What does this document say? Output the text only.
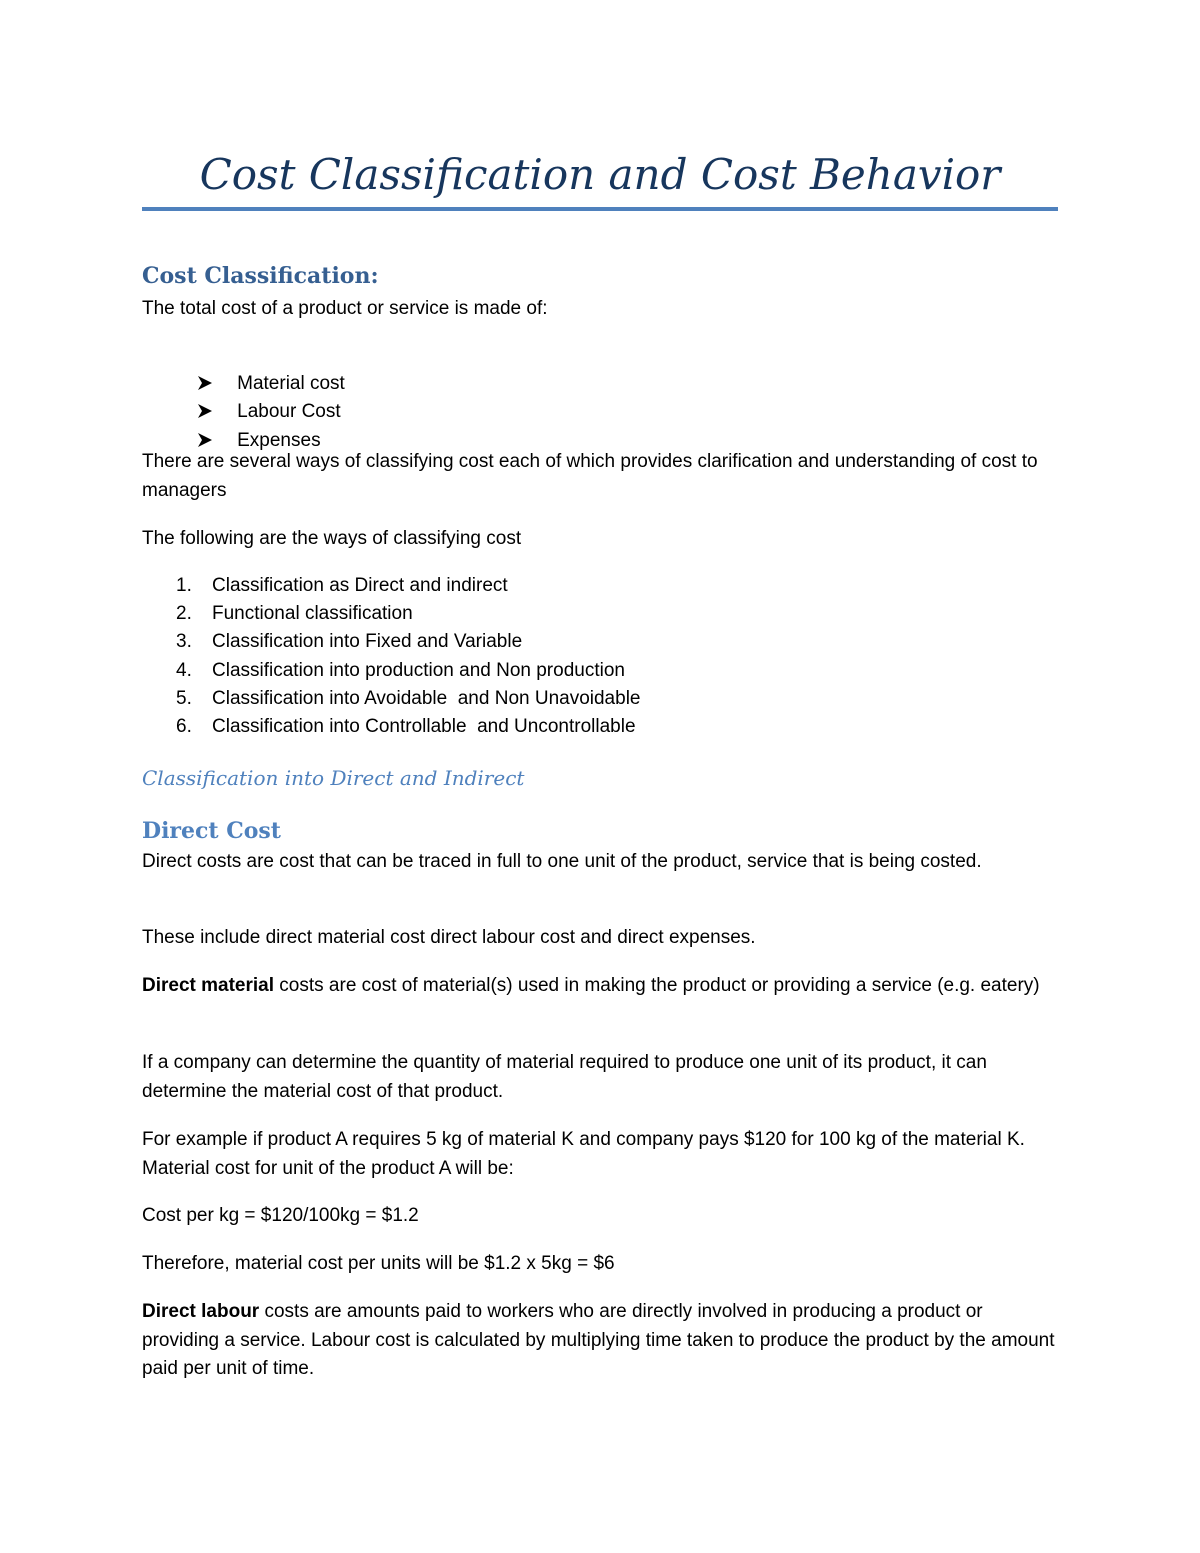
Cost Classification and Cost Behavior
Cost Classification:

The total cost of a product or service is made of:

Material cost

Labour Cost

Expenses

There are several ways of classifying cost each of which provides clarification and understanding of cost to managers

The following are the ways of classifying cost

1. Classification as Direct and indirect
2. Functional classification
3. Classification into Fixed and Variable
4. Classification into production and Non production
5. Classification into Avoidable  and Non Unavoidable
6. Classification into Controllable  and Uncontrollable
Classification into Direct and Indirect
Direct Cost

Direct costs are cost that can be traced in full to one unit of the product, service that is being costed.

These include direct material cost direct labour cost and direct expenses.

Direct material costs are cost of material(s) used in making the product or providing a service (e.g. eatery)

If a company can determine the quantity of material required to produce one unit of its product, it can determine the material cost of that product.

For example if product A requires 5 kg of material K and company pays $120 for 100 kg of the material K. Material cost for unit of the product A will be:

Cost per kg = $120/100kg = $1.2

Therefore, material cost per units will be $1.2 x 5kg = $6

Direct labour costs are amounts paid to workers who are directly involved in producing a product or providing a service. Labour cost is calculated by multiplying time taken to produce the product by the amount paid per unit of time.
